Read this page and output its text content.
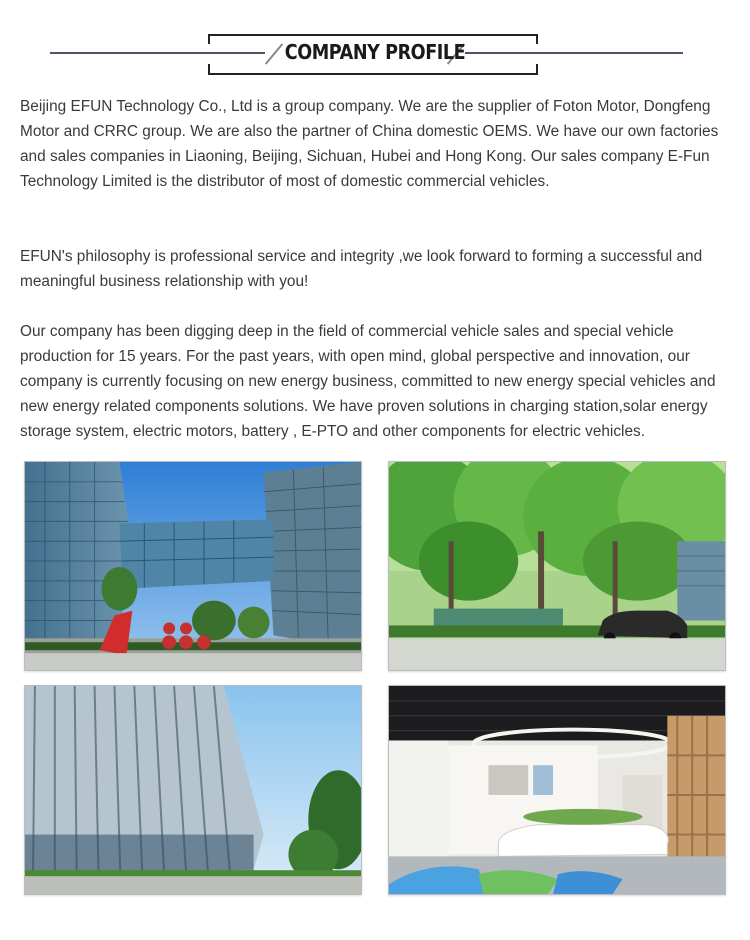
COMPANY PROFILE

Beijing EFUN Technology Co., Ltd is a group company. We are the supplier of Foton Motor, Dongfeng Motor and CRRC group. We are also the partner of China domestic OEMS. We have our own factories and sales companies in Liaoning, Beijing, Sichuan, Hubei and Hong Kong. Our sales company E-Fun Technology Limited is the distributor of most of domestic commercial vehicles.

EFUN's philosophy is professional service and integrity ,we look forward to forming a successful and meaningful business relationship with you!

Our company has been digging deep in the field of commercial vehicle sales and special vehicle production for 15 years. For the past years, with open mind, global perspective and innovation, our company is currently focusing on new energy business, committed to new energy special vehicles and new energy related components solutions. We have proven solutions in charging station,solar energy storage system, electric motors, battery , E-PTO and other components for electric vehicles.
